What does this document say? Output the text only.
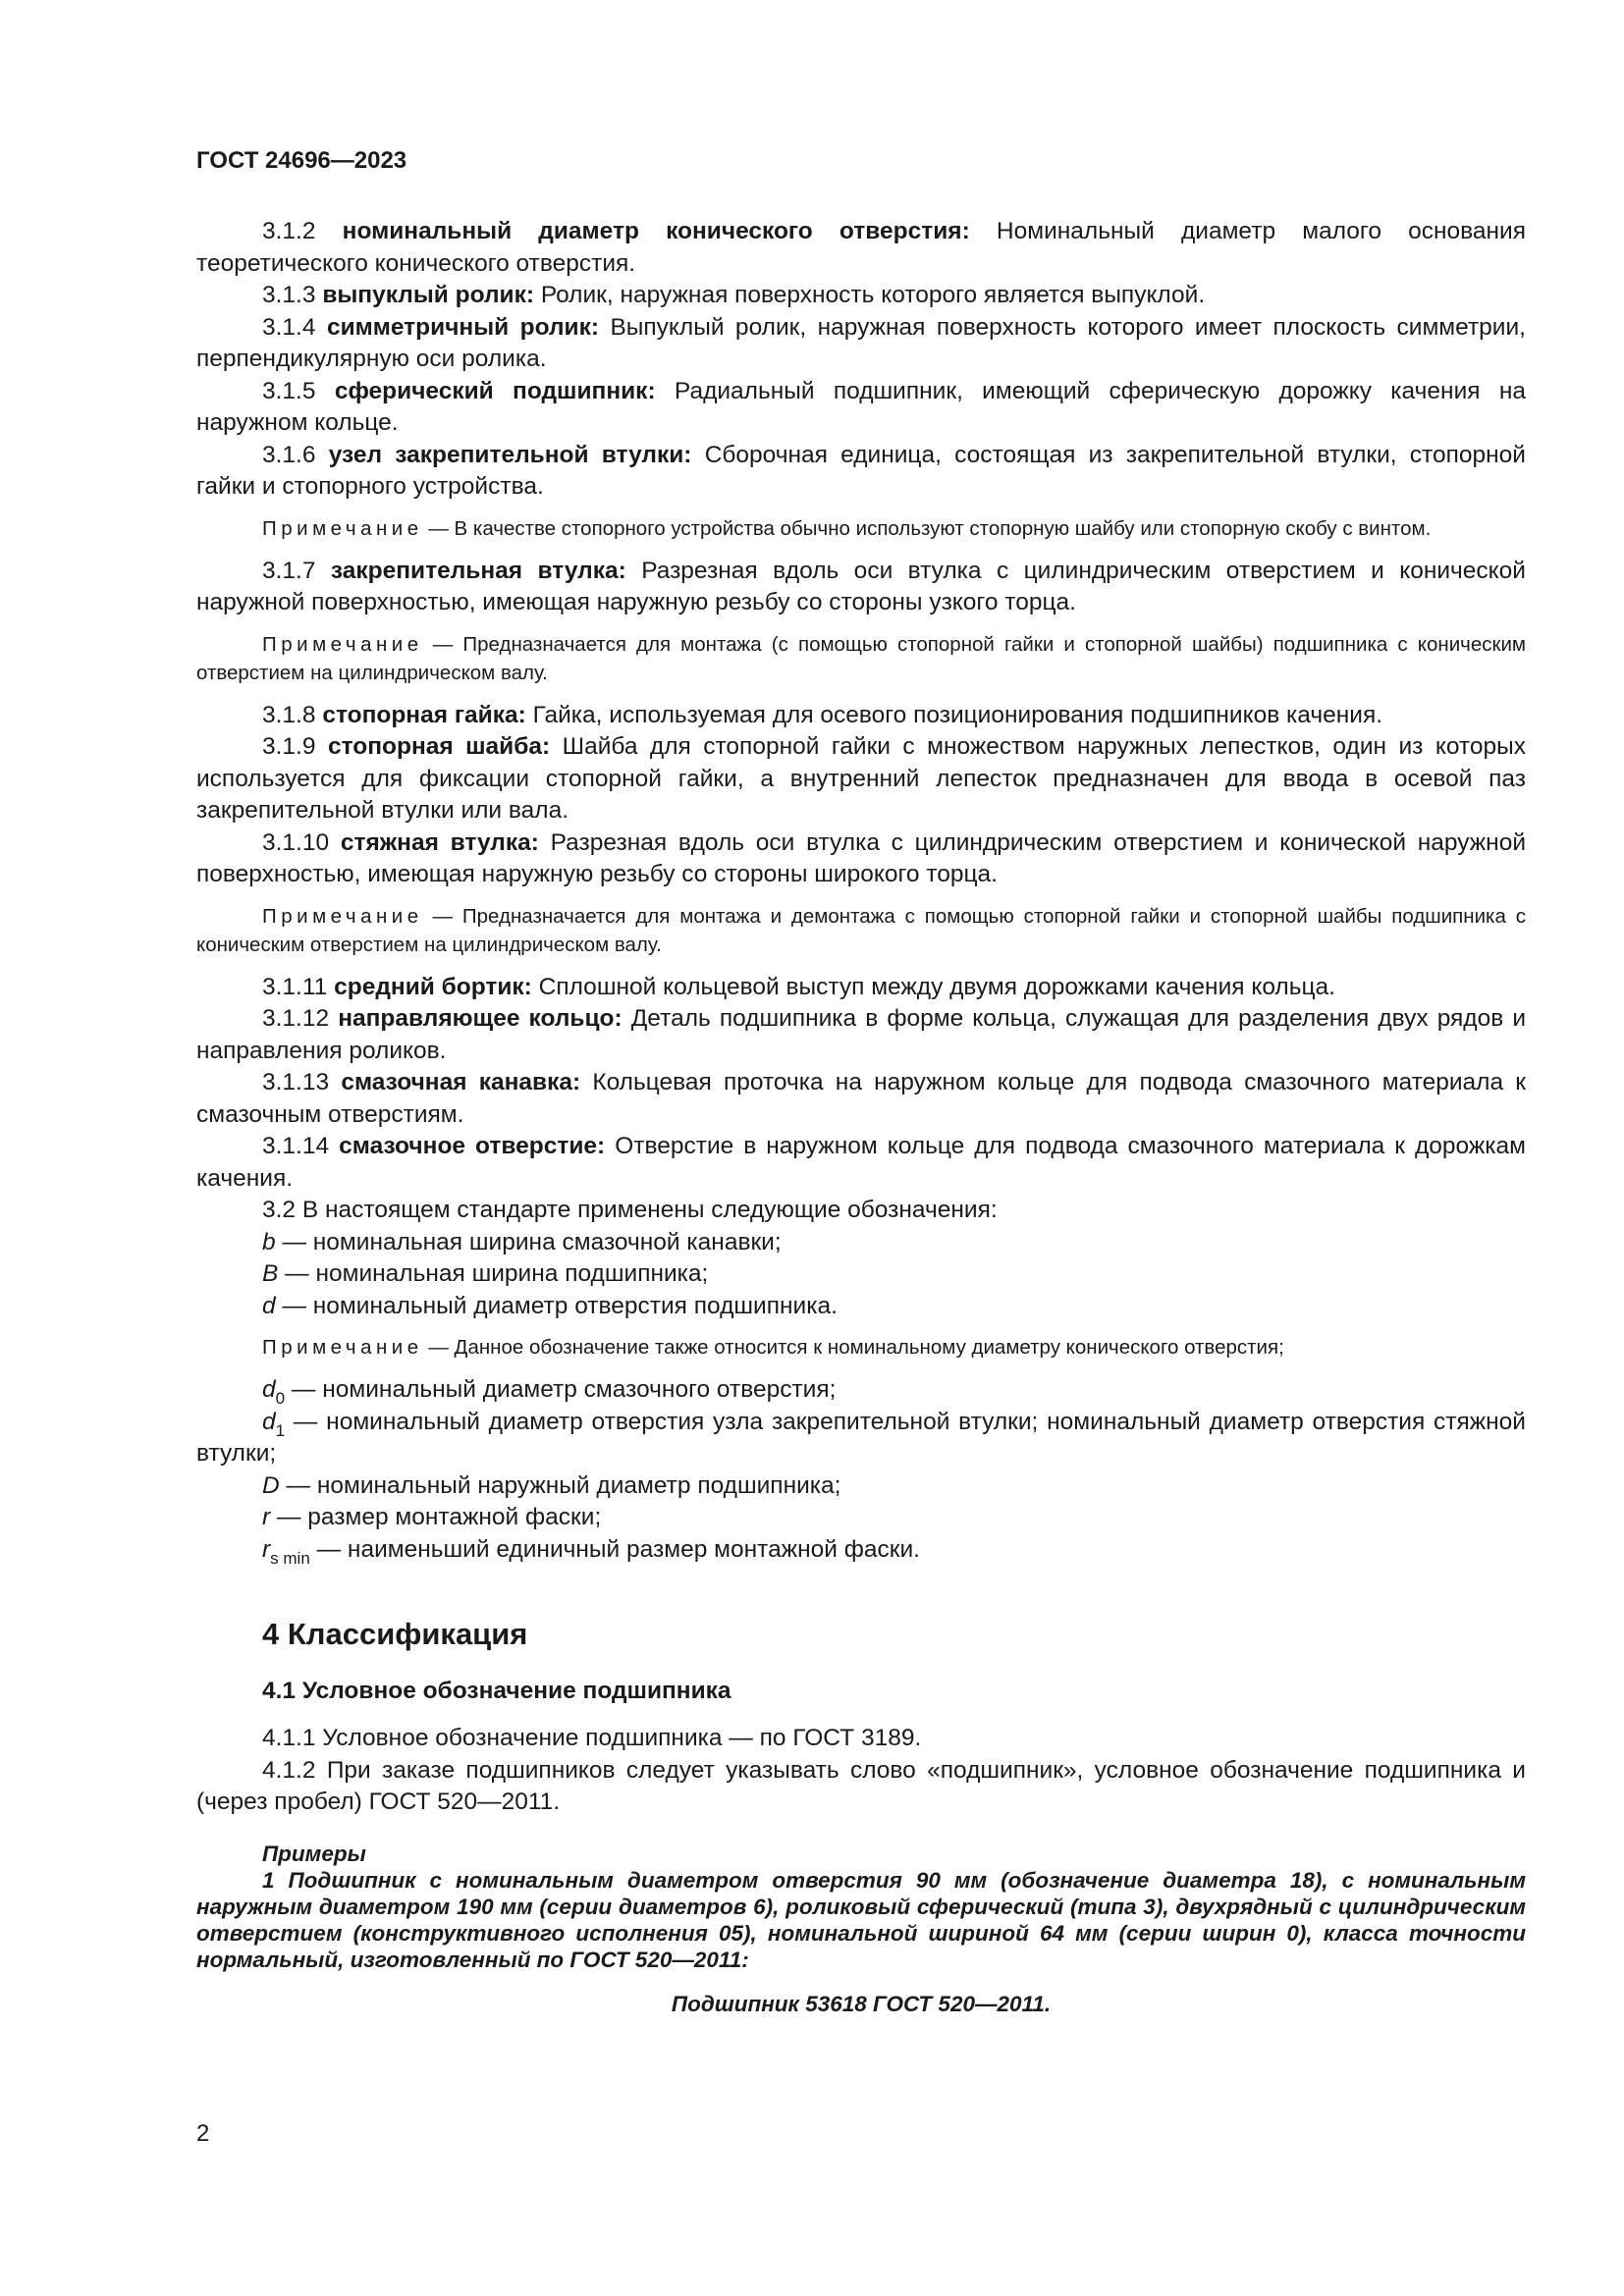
ГОСТ 24696—2023

3.1.2 номинальный диаметр конического отверстия: Номинальный диаметр малого основания теоретического конического отверстия.

3.1.3 выпуклый ролик: Ролик, наружная поверхность которого является выпуклой.

3.1.4 симметричный ролик: Выпуклый ролик, наружная поверхность которого имеет плоскость симметрии, перпендикулярную оси ролика.

3.1.5 сферический подшипник: Радиальный подшипник, имеющий сферическую дорожку качения на наружном кольце.

3.1.6 узел закрепительной втулки: Сборочная единица, состоящая из закрепительной втулки, стопорной гайки и стопорного устройства.

Примечание — В качестве стопорного устройства обычно используют стопорную шайбу или стопорную скобу с винтом.

3.1.7 закрепительная втулка: Разрезная вдоль оси втулка с цилиндрическим отверстием и конической наружной поверхностью, имеющая наружную резьбу со стороны узкого торца.

Примечание — Предназначается для монтажа (с помощью стопорной гайки и стопорной шайбы) подшипника с коническим отверстием на цилиндрическом валу.

3.1.8 стопорная гайка: Гайка, используемая для осевого позиционирования подшипников качения.

3.1.9 стопорная шайба: Шайба для стопорной гайки с множеством наружных лепестков, один из которых используется для фиксации стопорной гайки, а внутренний лепесток предназначен для ввода в осевой паз закрепительной втулки или вала.

3.1.10 стяжная втулка: Разрезная вдоль оси втулка с цилиндрическим отверстием и конической наружной поверхностью, имеющая наружную резьбу со стороны широкого торца.

Примечание — Предназначается для монтажа и демонтажа с помощью стопорной гайки и стопорной шайбы подшипника с коническим отверстием на цилиндрическом валу.

3.1.11 средний бортик: Сплошной кольцевой выступ между двумя дорожками качения кольца.

3.1.12 направляющее кольцо: Деталь подшипника в форме кольца, служащая для разделения двух рядов и направления роликов.

3.1.13 смазочная канавка: Кольцевая проточка на наружном кольце для подвода смазочного материала к смазочным отверстиям.

3.1.14 смазочное отверстие: Отверстие в наружном кольце для подвода смазочного материала к дорожкам качения.

3.2 В настоящем стандарте применены следующие обозначения:

b — номинальная ширина смазочной канавки;

B — номинальная ширина подшипника;

d — номинальный диаметр отверстия подшипника.

Примечание — Данное обозначение также относится к номинальному диаметру конического отверстия;

$d_0$ — номинальный диаметр смазочного отверстия;

$d_1$ — номинальный диаметр отверстия узла закрепительной втулки; номинальный диаметр отверстия стяжной втулки;

D — номинальный наружный диаметр подшипника;

r — размер монтажной фаски;

$r_{s min}$ — наименьший единичный размер монтажной фаски.

4 Классификация
4.1 Условное обозначение подшипника

4.1.1 Условное обозначение подшипника — по ГОСТ 3189.

4.1.2 При заказе подшипников следует указывать слово «подшипник», условное обозначение подшипника и (через пробел) ГОСТ 520—2011.

Примеры

1 Подшипник с номинальным диаметром отверстия 90 мм (обозначение диаметра 18), с номинальным наружным диаметром 190 мм (серии диаметров 6), роликовый сферический (типа 3), двухрядный с цилиндрическим отверстием (конструктивного исполнения 05), номинальной шириной 64 мм (серии ширин 0), класса точности нормальный, изготовленный по ГОСТ 520—2011:

Подшипник 53618 ГОСТ 520—2011.

2
